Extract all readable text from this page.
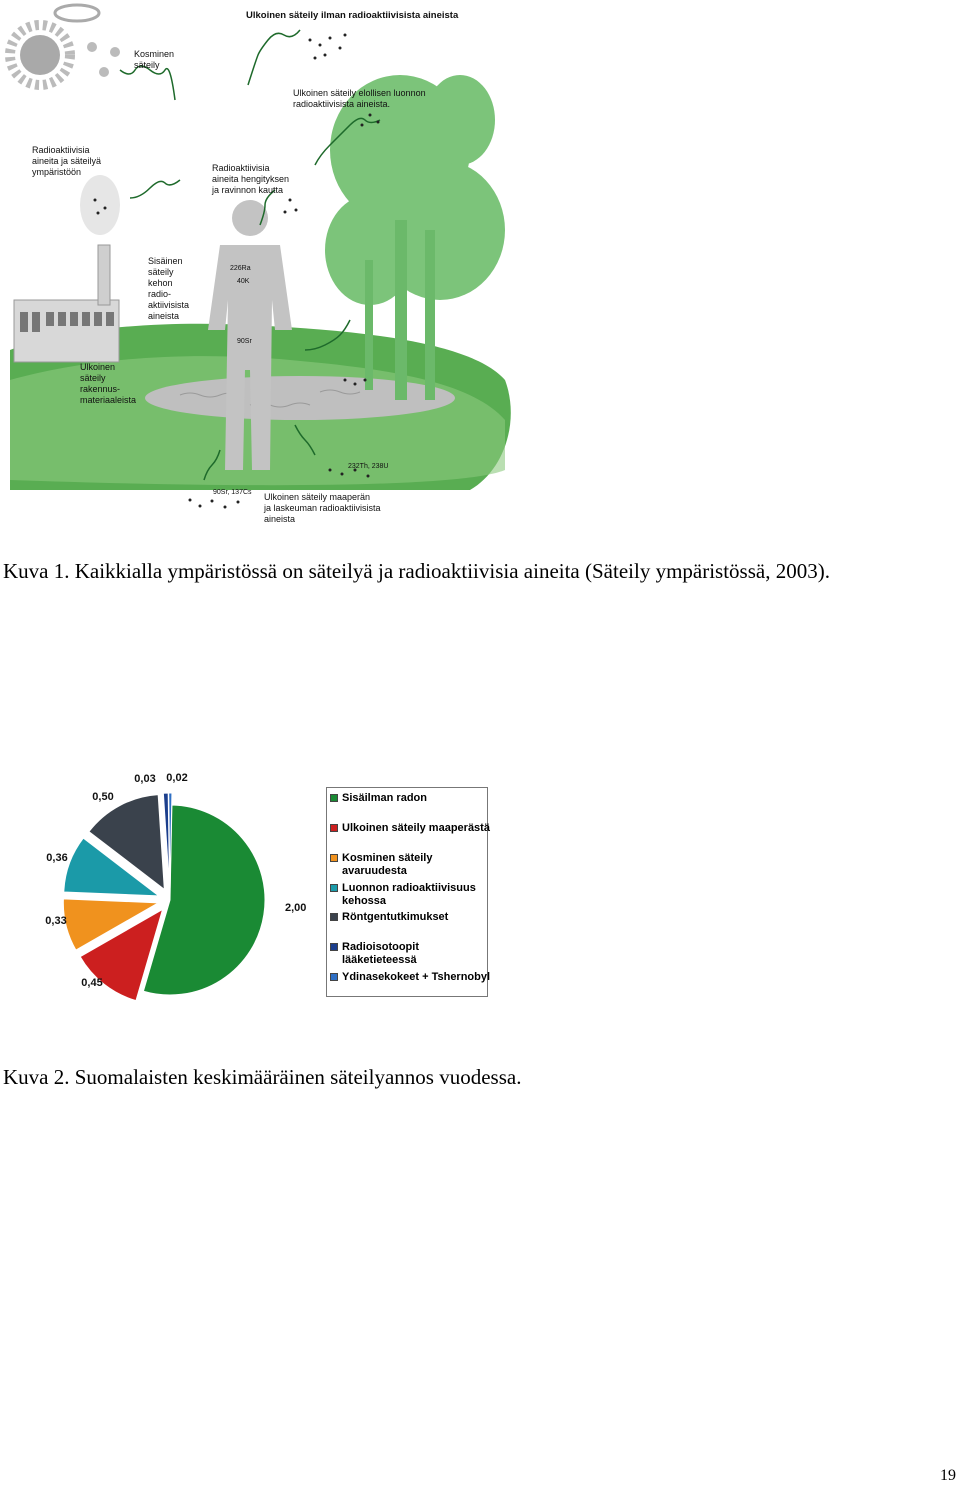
Ulkoinen säteily ilman radioaktiivisista aineista
Kosminen
säteily
Ulkoinen säteily elollisen luonnon
radioaktiivisista aineista.
Radioaktiivisia
aineita ja säteilyä
ympäristöön	Radioaktiivisia
aineita hengityksen
ja ravinnon kautta
Sisäinen
säteily
kehon
radio-
aktiivisista
aineista
Ulkoinen
säteily
rakennus-
materiaaleista
Ulkoinen säteily maaperän
ja laskeuman radioaktiivisista
aineista
226Ra
40K
90Sr
90Sr, 137Cs
232Th, 238U
Kuva 1. Kaikkialla ympäristössä on säteilyä ja radioaktiivisia aineita (Säteily ympäristössä, 2003).
2,00
0,45
0,33
0,36
0,50
0,03 0,02
Sisäilman radon
Ulkoinen säteily maaperästä
Kosminen säteily avaruudesta
Luonnon radioaktiivisuus kehossa
Röntgentutkimukset
Radioisotoopit lääketieteessä
Ydinasekokeet + Tshernobyl
Kuva 2. Suomalaisten keskimääräinen säteilyannos vuodessa.
19
